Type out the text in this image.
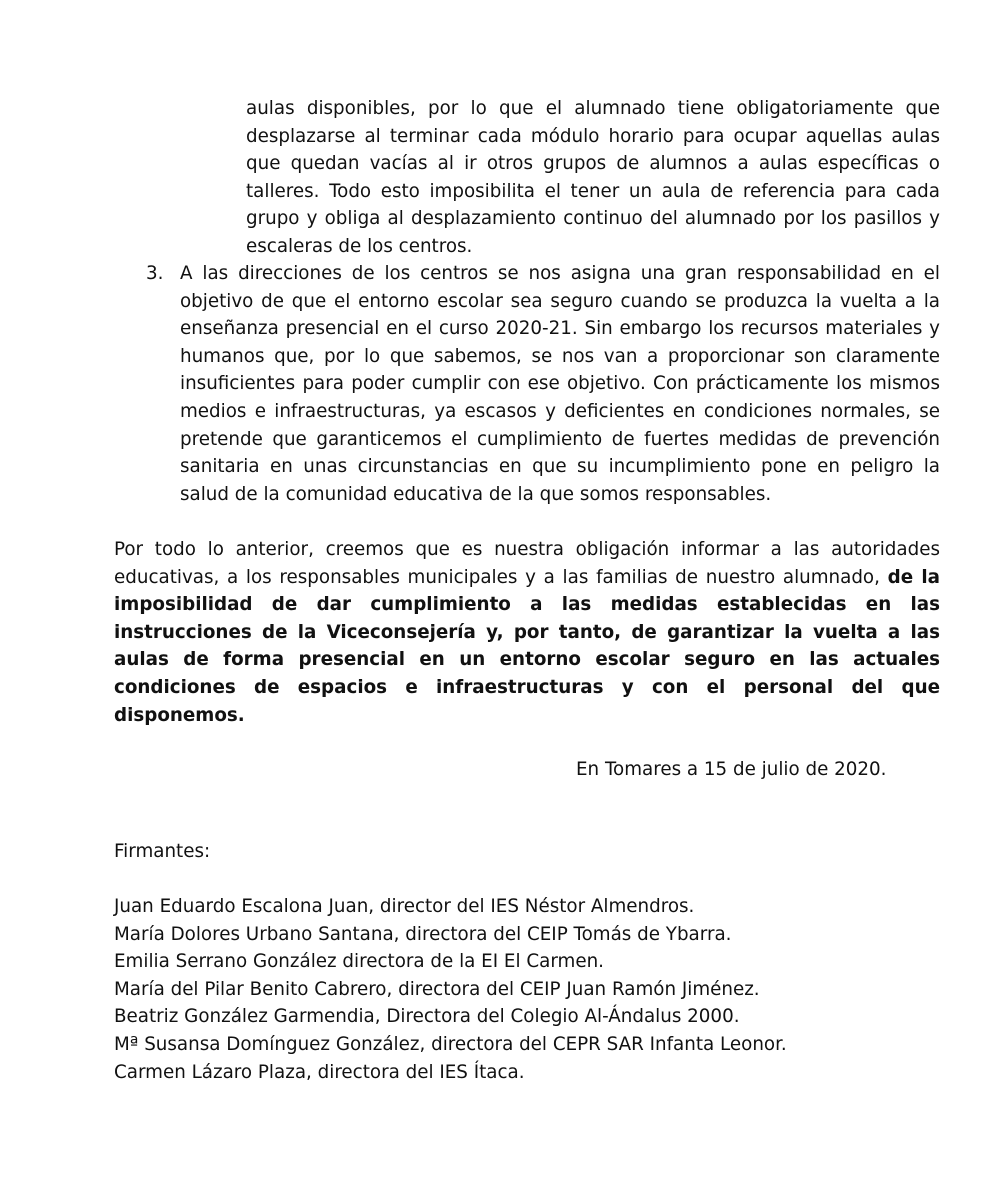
aulas disponibles, por lo que el alumnado tiene obligatoriamente que desplazarse al terminar cada módulo horario para ocupar aquellas aulas que quedan vacías al ir otros grupos de alumnos a aulas específicas o talleres. Todo esto imposibilita el tener un aula de referencia para cada grupo y obliga al desplazamiento continuo del alumnado por los pasillos y escaleras de los centros.

3. A las direcciones de los centros se nos asigna una gran responsabilidad en el objetivo de que el entorno escolar sea seguro cuando se produzca la vuelta a la enseñanza presencial en el curso 2020-21. Sin embargo los recursos materiales y humanos que, por lo que sabemos, se nos van a proporcionar son claramente insuficientes para poder cumplir con ese objetivo. Con prácticamente los mismos medios e infraestructuras, ya escasos y deficientes en condiciones normales, se pretende que garanticemos el cumplimiento de fuertes medidas de prevención sanitaria en unas circunstancias en que su incumplimiento pone en peligro la salud de la comunidad educativa de la que somos responsables.

Por todo lo anterior, creemos que es nuestra obligación informar a las autoridades educativas, a los responsables municipales y a las familias de nuestro alumnado, de la imposibilidad de dar cumplimiento a las medidas establecidas en las instrucciones de la Viceconsejería y, por tanto, de garantizar la vuelta a las aulas de forma presencial en un entorno escolar seguro en las actuales condiciones de espacios e infraestructuras y con el personal del que disponemos.

En Tomares a 15 de julio de 2020.

Firmantes:

Juan Eduardo Escalona Juan, director del IES Néstor Almendros.
María Dolores Urbano Santana, directora del CEIP Tomás de Ybarra.
Emilia Serrano González directora de la EI El Carmen.
María del Pilar Benito Cabrero, directora del CEIP Juan Ramón Jiménez.
Beatriz González Garmendia, Directora del Colegio Al-Ándalus 2000.
Mª Susansa Domínguez González, directora del CEPR SAR Infanta Leonor.
Carmen Lázaro Plaza, directora del IES Ítaca.
